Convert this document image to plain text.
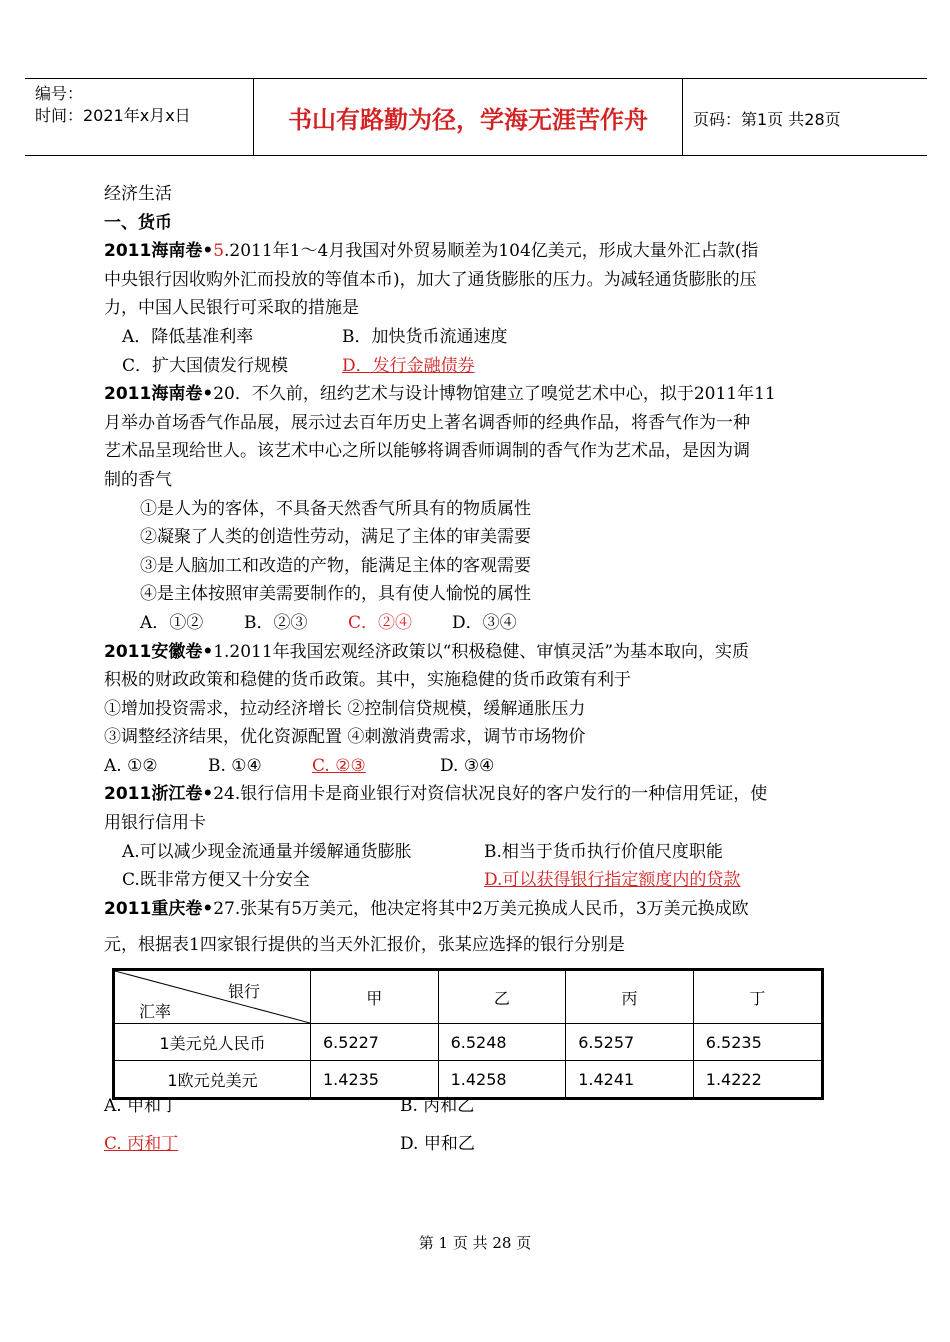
编号：
时间：2021年x月x日	书山有路勤为径，学海无涯苦作舟	页码：第1页 共28页
经济生活
一、货币
2011海南卷•5.2011年1～4月我国对外贸易顺差为104亿美元，形成大量外汇占款(指
中央银行因收购外汇而投放的等值本币)，加大了通货膨胀的压力。为减轻通货膨胀的压
力，中国人民银行可采取的措施是
A．降低基准利率	B．加快货币流通速度
C．扩大国债发行规模	D．发行金融债券
2011海南卷•20．不久前，纽约艺术与设计博物馆建立了嗅觉艺术中心，拟于2011年11
月举办首场香气作品展，展示过去百年历史上著名调香师的经典作品，将香气作为一种
艺术品呈现给世人。该艺术中心之所以能够将调香师调制的香气作为艺术品，是因为调
制的香气
①是人为的客体，不具备天然香气所具有的物质属性
②凝聚了人类的创造性劳动，满足了主体的审美需要
③是人脑加工和改造的产物，能满足主体的客观需要
④是主体按照审美需要制作的，具有使人愉悦的属性
A．①② B．②③ C．②④ D．③④
2011安徽卷•1.2011年我国宏观经济政策以“积极稳健、审慎灵活”为基本取向，实质
积极的财政政策和稳健的货币政策。其中，实施稳健的货币政策有利于
①增加投资需求，拉动经济增长 ②控制信贷规模，缓解通胀压力
③调整经济结果，优化资源配置 ④刺激消费需求，调节市场物价
A. ①②	B. ①④	C. ②③	D. ③④
2011浙江卷•24.银行信用卡是商业银行对资信状况良好的客户发行的一种信用凭证，使
用银行信用卡
A.可以减少现金流通量并缓解通货膨胀	B.相当于货币执行价值尺度职能
C.既非常方便又十分安全	D.可以获得银行指定额度内的贷款
2011重庆卷•27.张某有5万美元，他决定将其中2万美元换成人民币，3万美元换成欧
元，根据表1四家银行提供的当天外汇报价，张某应选择的银行分别是
银行
汇率	甲	乙	丙	丁
1美元兑人民币	6.5227	6.5248	6.5257	6.5235
1欧元兑美元	1.4235	1.4258	1.4241	1.4222
A. 甲和丁	B. 丙和乙
C. 丙和丁	D. 甲和乙
第 1 页 共 28 页
